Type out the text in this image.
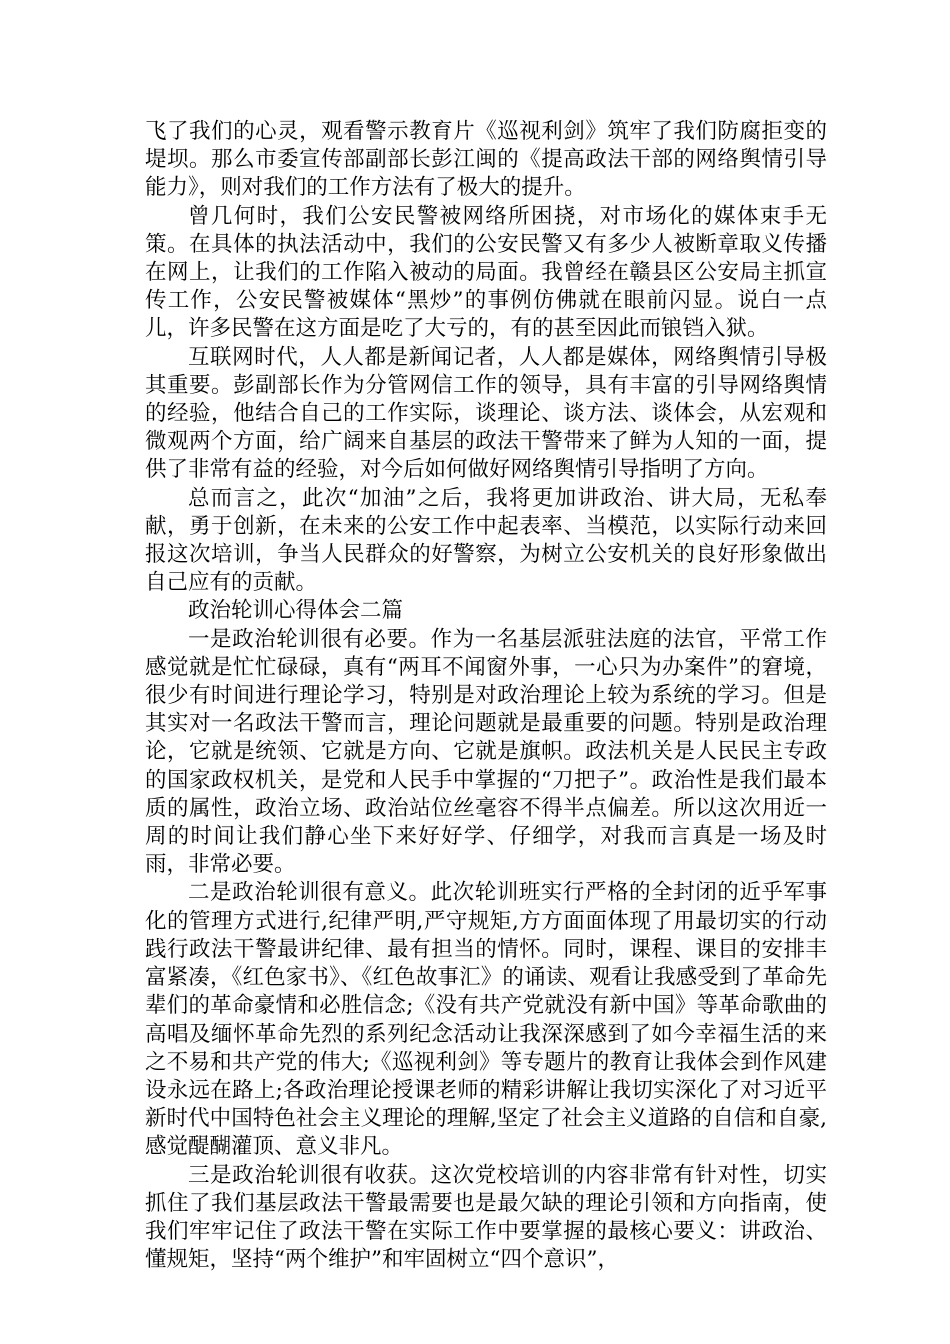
飞了我们的心灵，观看警示教育片《巡视利剑》筑牢了我们防腐拒变的堤坝。那么市委宣传部副部长彭江闽的《提高政法干部的网络舆情引导能力》，则对我们的工作方法有了极大的提升。

曾几何时，我们公安民警被网络所困挠，对市场化的媒体束手无策。在具体的执法活动中，我们的公安民警又有多少人被断章取义传播在网上，让我们的工作陷入被动的局面。我曾经在赣县区公安局主抓宣传工作，公安民警被媒体“黑炒”的事例仿佛就在眼前闪显。说白一点儿，许多民警在这方面是吃了大亏的，有的甚至因此而锒铛入狱。

互联网时代，人人都是新闻记者，人人都是媒体，网络舆情引导极其重要。彭副部长作为分管网信工作的领导，具有丰富的引导网络舆情的经验，他结合自己的工作实际，谈理论、谈方法、谈体会，从宏观和微观两个方面，给广阔来自基层的政法干警带来了鲜为人知的一面，提供了非常有益的经验，对今后如何做好网络舆情引导指明了方向。

总而言之，此次“加油”之后，我将更加讲政治、讲大局，无私奉献，勇于创新，在未来的公安工作中起表率、当模范，以实际行动来回报这次培训，争当人民群众的好警察，为树立公安机关的良好形象做出自己应有的贡献。

政治轮训心得体会二篇

一是政治轮训很有必要。作为一名基层派驻法庭的法官，平常工作感觉就是忙忙碌碌，真有“两耳不闻窗外事，一心只为办案件”的窘境，很少有时间进行理论学习，特别是对政治理论上较为系统的学习。但是其实对一名政法干警而言，理论问题就是最重要的问题。特别是政治理论，它就是统领、它就是方向、它就是旗帜。政法机关是人民民主专政的国家政权机关，是党和人民手中掌握的“刀把子”。政治性是我们最本质的属性，政治立场、政治站位丝毫容不得半点偏差。所以这次用近一周的时间让我们静心坐下来好好学、仔细学，对我而言真是一场及时雨，非常必要。

二是政治轮训很有意义。此次轮训班实行严格的全封闭的近乎军事化的管理方式进行,纪律严明,严守规矩,方方面面体现了用最切实的行动践行政法干警最讲纪律、最有担当的情怀。同时，课程、课目的安排丰富紧凑，《红色家书》、《红色故事汇》的诵读、观看让我感受到了革命先辈们的革命豪情和必胜信念;《没有共产党就没有新中国》等革命歌曲的高唱及缅怀革命先烈的系列纪念活动让我深深感到了如今幸福生活的来之不易和共产党的伟大;《巡视利剑》等专题片的教育让我体会到作风建设永远在路上;各政治理论授课老师的精彩讲解让我切实深化了对习近平新时代中国特色社会主义理论的理解,坚定了社会主义道路的自信和自豪,感觉醍醐灌顶、意义非凡。

三是政治轮训很有收获。这次党校培训的内容非常有针对性，切实抓住了我们基层政法干警最需要也是最欠缺的理论引领和方向指南，使我们牢牢记住了政法干警在实际工作中要掌握的最核心要义：讲政治、懂规矩，坚持“两个维护”和牢固树立“四个意识”，
